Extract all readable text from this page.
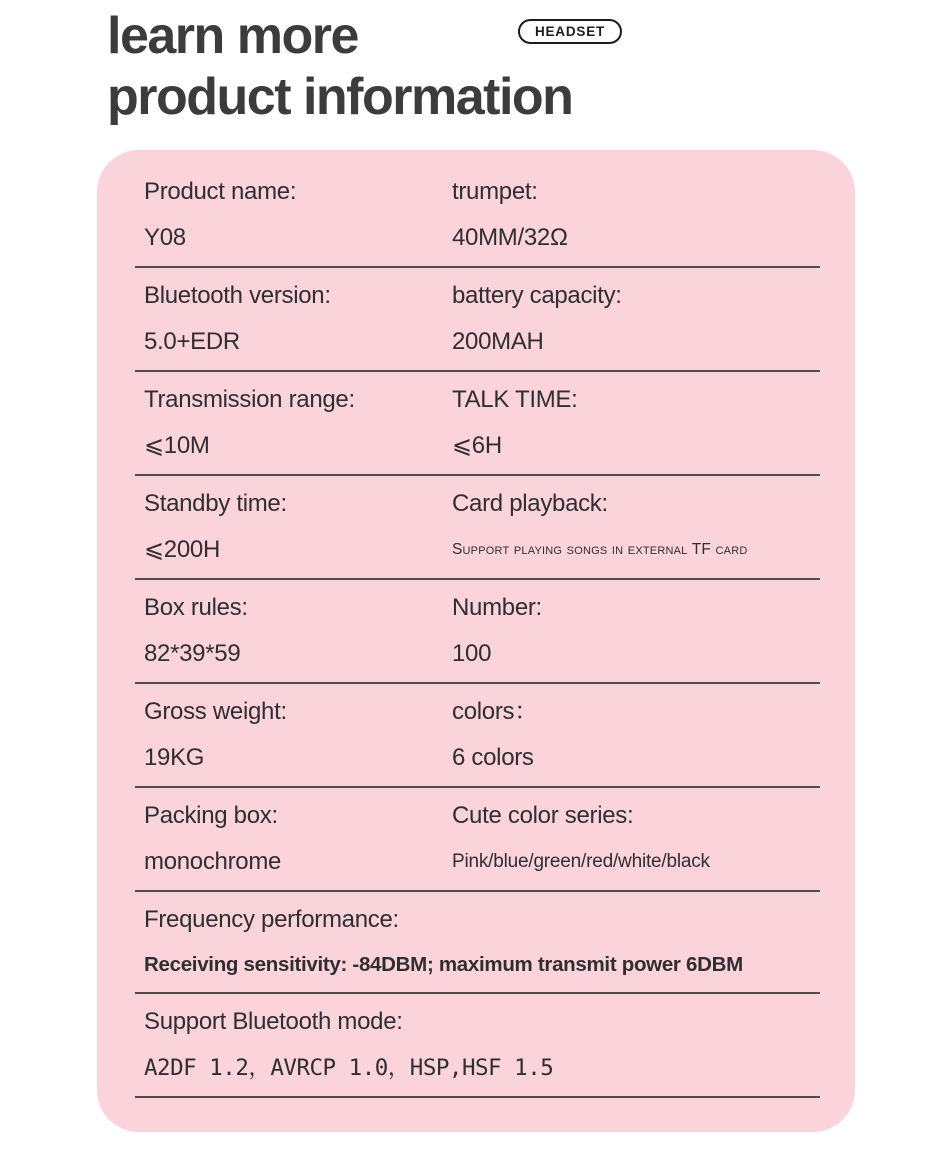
learn more
product information
HEADSET
Product name:
Y08
trumpet:
40MM/32Ω
Bluetooth version:
5.0+EDR
battery capacity:
200MAH
Transmission range:
⩽10M
TALK TIME:
⩽6H
Standby time:
⩽200H
Card playback:
Support playing songs in external TF card
Box rules:
82*39*59
Number:
100
Gross weight:
19KG
colors：
6 colors
Packing box:
monochrome
Cute color series:
Pink/blue/green/red/white/black
Frequency performance:
Receiving sensitivity: -84DBM; maximum transmit power 6DBM
Support Bluetooth mode:
A2DF 1.2，AVRCP 1.0，HSP,HSF 1.5
